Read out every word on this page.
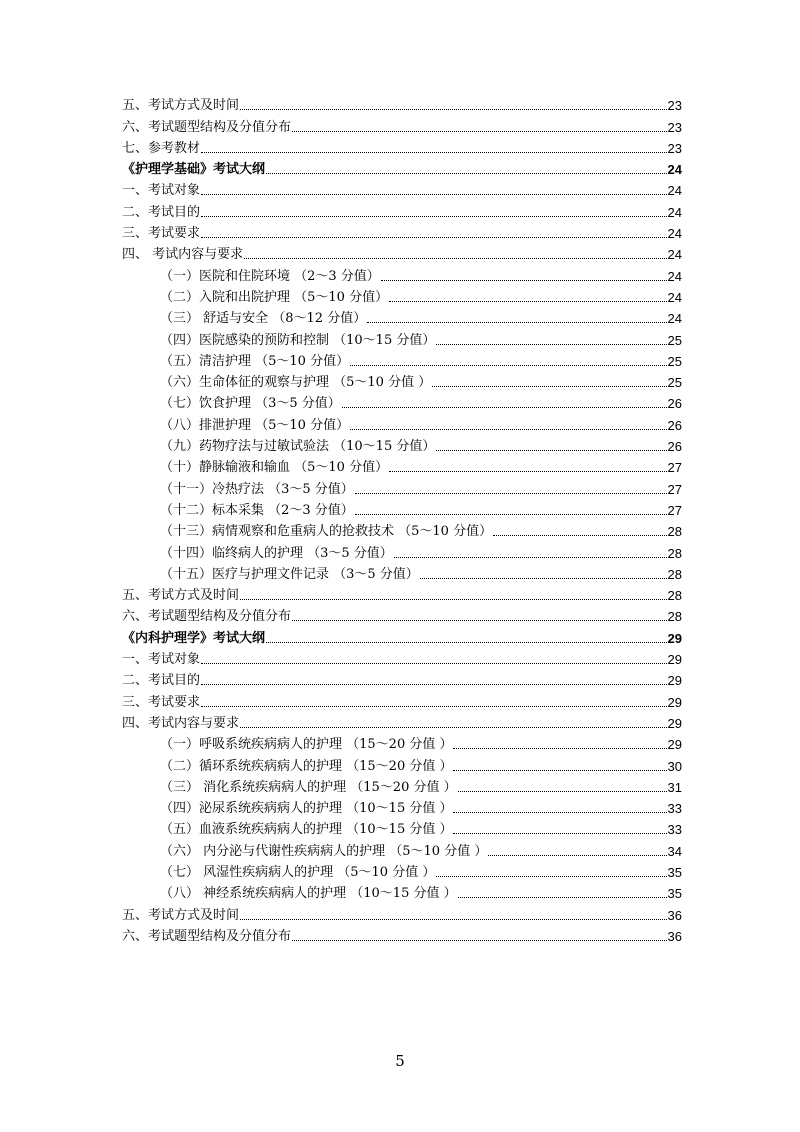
五、考试方式及时间	23
六、考试题型结构及分值分布	23
七、参考教材	23
《护理学基础》考试大纲	24
一、考试对象	24
二、考试目的	24
三、考试要求	24
四、 考试内容与要求	24
（一）医院和住院环境 （2～3 分值）	24
（二）入院和出院护理 （5～10 分值）	24
（三） 舒适与安全 （8～12 分值）	24
（四）医院感染的预防和控制 （10～15 分值）	25
（五）清洁护理 （5～10 分值）	25
（六）生命体征的观察与护理 （5～10 分值 ）	25
（七）饮食护理 （3～5 分值）	26
（八）排泄护理 （5～10 分值）	26
（九）药物疗法与过敏试验法 （10～15 分值）	26
（十）静脉输液和输血 （5～10 分值）	27
（十一）冷热疗法 （3～5 分值）	27
（十二）标本采集 （2～3 分值）	27
（十三）病情观察和危重病人的抢救技术 （5～10 分值）	28
（十四）临终病人的护理 （3～5 分值）	28
（十五）医疗与护理文件记录 （3～5 分值）	28
五、考试方式及时间	28
六、考试题型结构及分值分布	28
《内科护理学》考试大纲	29
一、考试对象	29
二、考试目的	29
三、考试要求	29
四、考试内容与要求	29
（一）呼吸系统疾病病人的护理 （15～20 分值 ）	29
（二）循环系统疾病病人的护理 （15～20 分值 ）	30
（三） 消化系统疾病病人的护理 （15～20 分值 ）	31
（四）泌尿系统疾病病人的护理 （10～15 分值 ）	33
（五）血液系统疾病病人的护理 （10～15 分值 ）	33
（六） 内分泌与代谢性疾病病人的护理 （5～10 分值 ）	34
（七） 风湿性疾病病人的护理 （5～10 分值 ）	35
（八） 神经系统疾病病人的护理 （10～15 分值 ）	35
五、考试方式及时间	36
六、考试题型结构及分值分布	36
5
